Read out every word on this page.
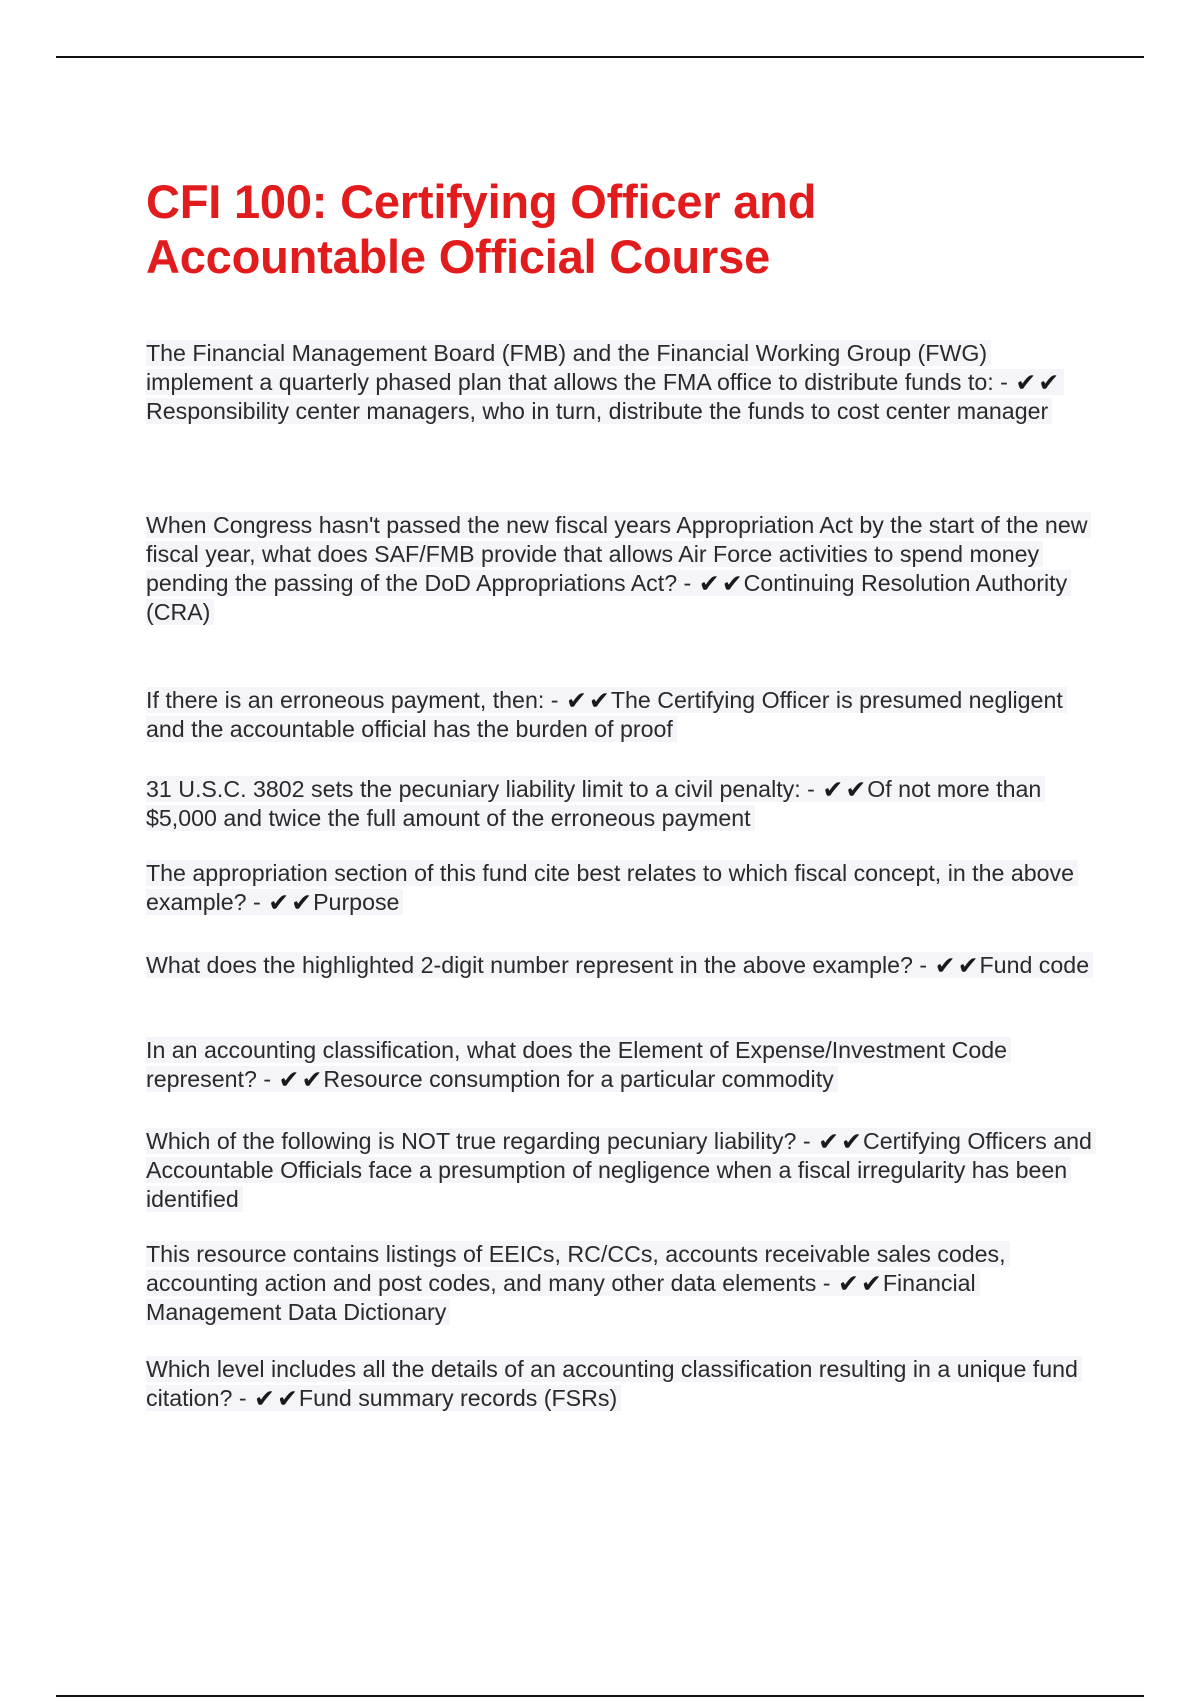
CFI 100: Certifying Officer and
Accountable Official Course
The Financial Management Board (FMB) and the Financial Working Group (FWG) implement a quarterly phased plan that allows the FMA office to distribute funds to: - ✔✔Responsibility center managers, who in turn, distribute the funds to cost center manager
When Congress hasn't passed the new fiscal years Appropriation Act by the start of the new fiscal year, what does SAF/FMB provide that allows Air Force activities to spend money pending the passing of the DoD Appropriations Act? - ✔✔Continuing Resolution Authority (CRA)
If there is an erroneous payment, then: - ✔✔The Certifying Officer is presumed negligent and the accountable official has the burden of proof
31 U.S.C. 3802 sets the pecuniary liability limit to a civil penalty: - ✔✔Of not more than $5,000 and twice the full amount of the erroneous payment
The appropriation section of this fund cite best relates to which fiscal concept, in the above example? - ✔✔Purpose
What does the highlighted 2-digit number represent in the above example? - ✔✔Fund code
In an accounting classification, what does the Element of Expense/Investment Code represent? - ✔✔Resource consumption for a particular commodity
Which of the following is NOT true regarding pecuniary liability? - ✔✔Certifying Officers and Accountable Officials face a presumption of negligence when a fiscal irregularity has been identified
This resource contains listings of EEICs, RC/CCs, accounts receivable sales codes, accounting action and post codes, and many other data elements - ✔✔Financial Management Data Dictionary
Which level includes all the details of an accounting classification resulting in a unique fund citation? - ✔✔Fund summary records (FSRs)
